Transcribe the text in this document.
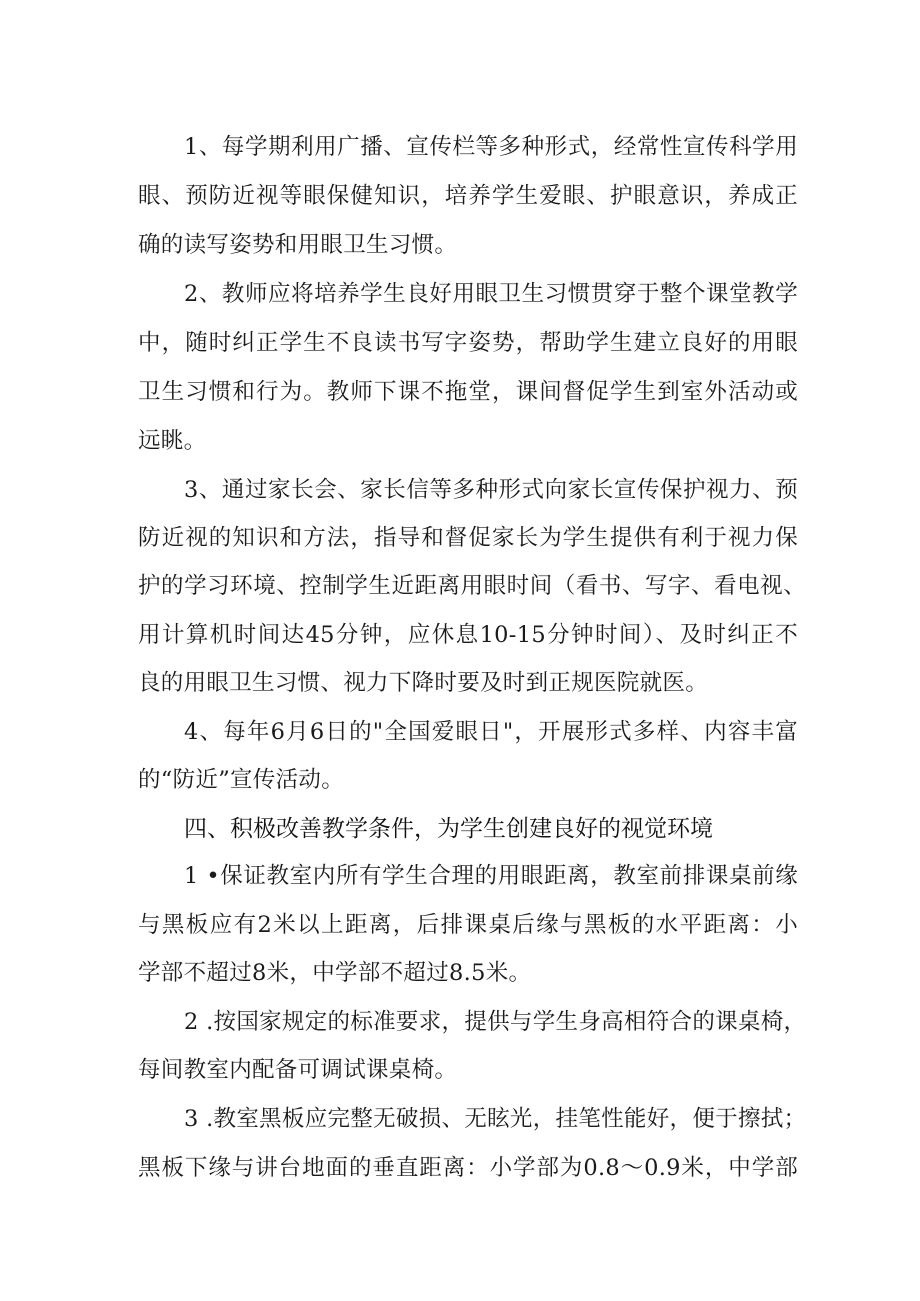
1、每学期利用广播、宣传栏等多种形式，经常性宣传科学用
眼、预防近视等眼保健知识，培养学生爱眼、护眼意识，养成正
确的读写姿势和用眼卫生习惯。
2、教师应将培养学生良好用眼卫生习惯贯穿于整个课堂教学
中，随时纠正学生不良读书写字姿势，帮助学生建立良好的用眼
卫生习惯和行为。教师下课不拖堂，课间督促学生到室外活动或
远眺。
3、通过家长会、家长信等多种形式向家长宣传保护视力、预
防近视的知识和方法，指导和督促家长为学生提供有利于视力保
护的学习环境、控制学生近距离用眼时间（看书、写字、看电视、
用计算机时间达45分钟，应休息10-15分钟时间）、及时纠正不
良的用眼卫生习惯、视力下降时要及时到正规医院就医。
4、每年6月6日的"全国爱眼日"，开展形式多样、内容丰富
的“防近”宣传活动。
四、积极改善教学条件，为学生创建良好的视觉环境
1 •保证教室内所有学生合理的用眼距离，教室前排课桌前缘
与黑板应有2米以上距离，后排课桌后缘与黑板的水平距离：小
学部不超过8米，中学部不超过8.5米。
2 .按国家规定的标准要求，提供与学生身高相符合的课桌椅，
每间教室内配备可调试课桌椅。
3 .教室黑板应完整无破损、无眩光，挂笔性能好，便于擦拭；
黑板下缘与讲台地面的垂直距离：小学部为0.8～0.9米，中学部
